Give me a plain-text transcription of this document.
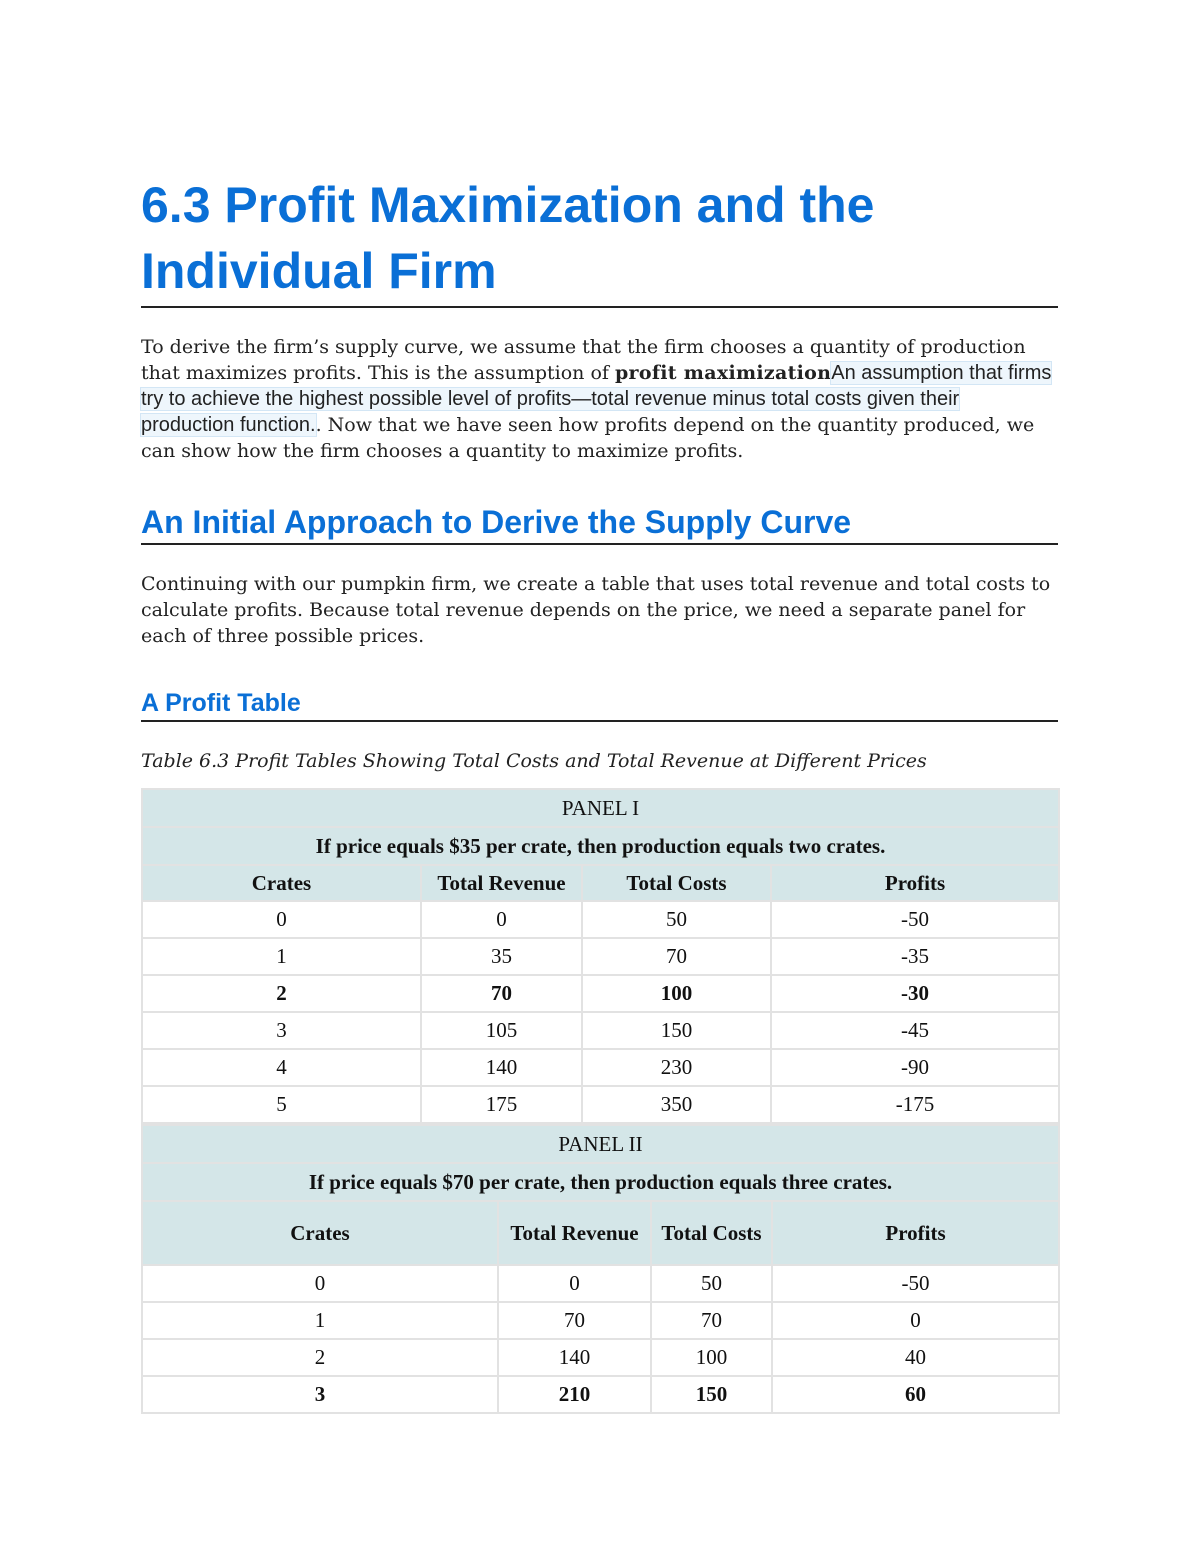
6.3 Profit Maximization and the Individual Firm

To derive the firm’s supply curve, we assume that the firm chooses a quantity of production that maximizes profits. This is the assumption of profit maximizationAn assumption that firms try to achieve the highest possible level of profits—total revenue minus total costs given their production function.. Now that we have seen how profits depend on the quantity produced, we can show how the firm chooses a quantity to maximize profits.

An Initial Approach to Derive the Supply Curve

Continuing with our pumpkin firm, we create a table that uses total revenue and total costs to calculate profits. Because total revenue depends on the price, we need a separate panel for each of three possible prices.

A Profit Table

Table 6.3 Profit Tables Showing Total Costs and Total Revenue at Different Prices

PANEL I			
If price equals $35 per crate, then production equals two crates.			
Crates	Total Revenue	Total Costs	Profits
0	0	50	-50
1	35	70	-35
2	70	100	-30
3	105	150	-45
4	140	230	-90
5	175	350	-175
PANEL II			
If price equals $70 per crate, then production equals three crates.			
Crates	Total Revenue	Total Costs	Profits
0	0	50	-50
1	70	70	0
2	140	100	40
3	210	150	60
